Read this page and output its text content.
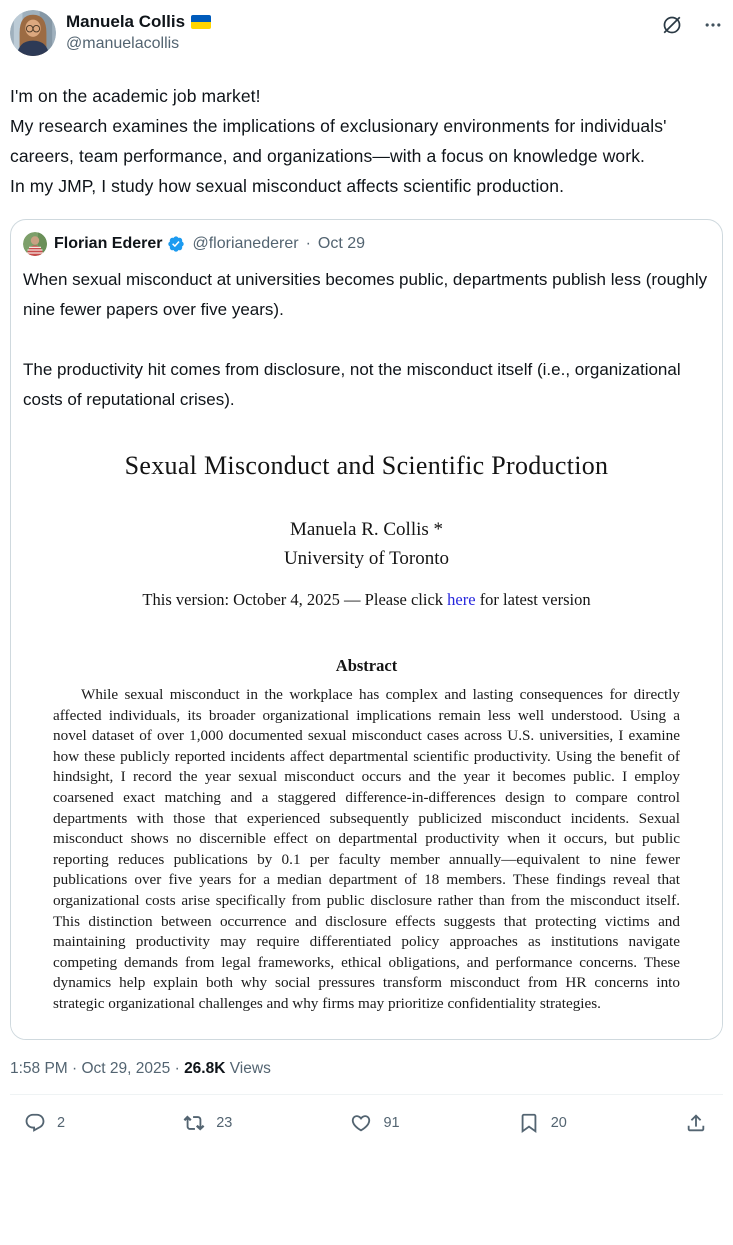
Manuela Collis
@manuelacollis
I'm on the academic job market!
My research examines the implications of exclusionary environments for individuals' careers, team performance, and organizations—with a focus on knowledge work.
In my JMP, I study how sexual misconduct affects scientific production.
Florian Ederer @florianederer · Oct 29

When sexual misconduct at universities becomes public, departments publish less (roughly nine fewer papers over five years).

The productivity hit comes from disclosure, not the misconduct itself (i.e., organizational costs of reputational crises).

Sexual Misconduct and Scientific Production
Manuela R. Collis *
University of Toronto
This version: October 4, 2025 — Please click here for latest version
Abstract
While sexual misconduct in the workplace has complex and lasting consequences for directly affected individuals, its broader organizational implications remain less well understood. Using a novel dataset of over 1,000 documented sexual misconduct cases across U.S. universities, I examine how these publicly reported incidents affect departmental scientific productivity. Using the benefit of hindsight, I record the year sexual misconduct occurs and the year it becomes public. I employ coarsened exact matching and a staggered difference-in-differences design to compare control departments with those that experienced subsequently publicized misconduct incidents. Sexual misconduct shows no discernible effect on departmental productivity when it occurs, but public reporting reduces publications by 0.1 per faculty member annually—equivalent to nine fewer publications over five years for a median department of 18 members. These findings reveal that organizational costs arise specifically from public disclosure rather than from the misconduct itself. This distinction between occurrence and disclosure effects suggests that protecting victims and maintaining productivity may require differentiated policy approaches as institutions navigate competing demands from legal frameworks, ethical obligations, and performance concerns. These dynamics help explain both why social pressures transform misconduct from HR concerns into strategic organizational challenges and why firms may prioritize confidentiality strategies.
1:58 PM · Oct 29, 2025 · 26.8K Views
2	23	91	20
